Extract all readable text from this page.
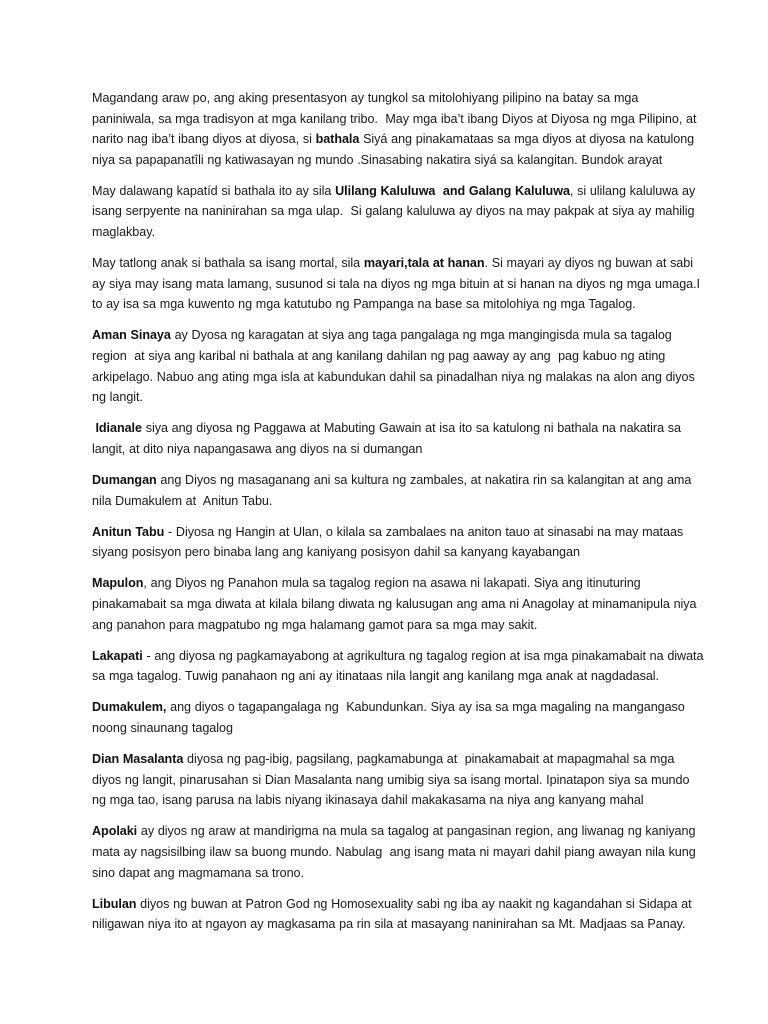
Magandang araw po, ang aking presentasyon ay tungkol sa mitolohiyang pilipino na batay sa mga paniniwala, sa mga tradisyon at mga kanilang tribo.  May mga iba’t ibang Diyos at Diyosa ng mga Pilipino, at narito nag iba’t ibang diyos at diyosa, si bathala Siyá ang pinakamataas sa mga diyos at diyosa na katulong niya sa papapanatîli ng katiwasayan ng mundo .Sinasabing nakatira siyá sa kalangitan. Bundok arayat

May dalawang kapatíd si bathala ito ay sila Ulilang Kaluluwa  and Galang Kaluluwa, si ulilang kaluluwa ay  isang serpyente na naninirahan sa mga ulap.  Si galang kaluluwa ay diyos na may pakpak at siya ay mahilig maglakbay.

May tatlong anak si bathala sa isang mortal, sila mayari,tala at hanan. Si mayari ay diyos ng buwan at sabi ay siya may isang mata lamang, susunod si tala na diyos ng mga bituin at si hanan na diyos ng mga umaga.I to ay isa sa mga kuwento ng mga katutubo ng Pampanga na base sa mitolohiya ng mga Tagalog.

Aman Sinaya ay Dyosa ng karagatan at siya ang taga pangalaga ng mga mangingisda mula sa tagalog region  at siya ang karibal ni bathala at ang kanilang dahilan ng pag aaway ay ang  pag kabuo ng ating arkipelago. Nabuo ang ating mga isla at kabundukan dahil sa pinadalhan niya ng malakas na alon ang diyos ng langit.

Idianale siya ang diyosa ng Paggawa at Mabuting Gawain at isa ito sa katulong ni bathala na nakatira sa langit, at dito niya napangasawa ang diyos na si dumangan

Dumangan ang Diyos ng masaganang ani sa kultura ng zambales, at nakatira rin sa kalangitan at ang ama nila Dumakulem at  Anitun Tabu.

Anitun Tabu - Diyosa ng Hangin at Ulan, o kilala sa zambalaes na aniton tauo at sinasabi na may mataas siyang posisyon pero binaba lang ang kaniyang posisyon dahil sa kanyang kayabangan

Mapulon, ang Diyos ng Panahon mula sa tagalog region na asawa ni lakapati. Siya ang itinuturing pinakamabait sa mga diwata at kilala bilang diwata ng kalusugan ang ama ni Anagolay at minamanipula niya ang panahon para magpatubo ng mga halamang gamot para sa mga may sakit.

Lakapati - ang diyosa ng pagkamayabong at agrikultura ng tagalog region at isa mga pinakamabait na diwata sa mga tagalog. Tuwig panahaon ng ani ay itinataas nila langit ang kanilang mga anak at nagdadasal.

Dumakulem, ang diyos o tagapangalaga ng  Kabundunkan. Siya ay isa sa mga magaling na mangangaso noong sinaunang tagalog

Dian Masalanta diyosa ng pag-ibig, pagsilang, pagkamabunga at  pinakamabait at mapagmahal sa mga diyos ng langit, pinarusahan si Dian Masalanta nang umibig siya sa isang mortal. Ipinatapon siya sa mundo ng mga tao, isang parusa na labis niyang ikinasaya dahil makakasama na niya ang kanyang mahal

Apolaki ay diyos ng araw at mandirigma na mula sa tagalog at pangasinan region, ang liwanag ng kaniyang mata ay nagsisilbing ilaw sa buong mundo. Nabulag  ang isang mata ni mayari dahil piang awayan nila kung sino dapat ang magmamana sa trono.

Libulan diyos ng buwan at Patron God ng Homosexuality sabi ng iba ay naakit ng kagandahan si Sidapa at niligawan niya ito at ngayon ay magkasama pa rin sila at masayang naninirahan sa Mt. Madjaas sa Panay.
